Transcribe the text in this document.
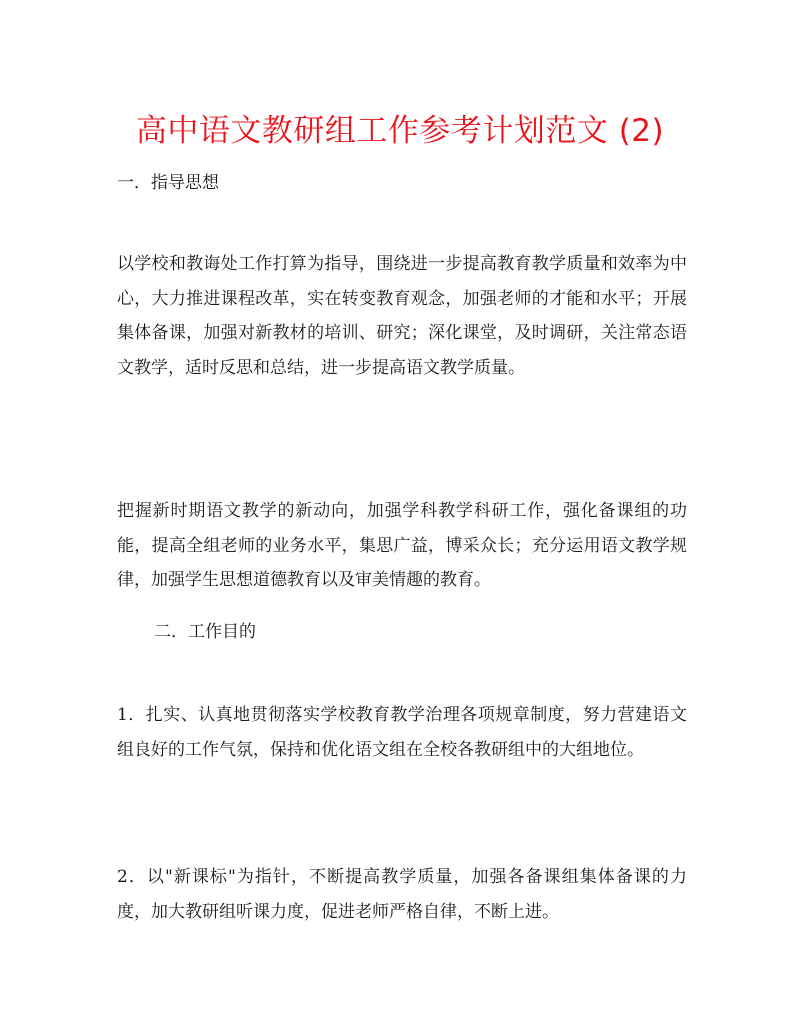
高中语文教研组工作参考计划范文 (2)
一．指导思想
以学校和教诲处工作打算为指导，围绕进一步提高教育教学质量和效率为中心，大力推进课程改革，实在转变教育观念，加强老师的才能和水平；开展集体备课，加强对新教材的培训、研究；深化课堂，及时调研，关注常态语文教学，适时反思和总结，进一步提高语文教学质量。
把握新时期语文教学的新动向，加强学科教学科研工作，强化备课组的功能，提高全组老师的业务水平，集思广益，博采众长；充分运用语文教学规律，加强学生思想道德教育以及审美情趣的教育。
二．工作目的
1．扎实、认真地贯彻落实学校教育教学治理各项规章制度，努力营建语文组良好的工作气氛，保持和优化语文组在全校各教研组中的大组地位。
2．以"新课标"为指针，不断提高教学质量，加强各备课组集体备课的力度，加大教研组听课力度，促进老师严格自律，不断上进。
